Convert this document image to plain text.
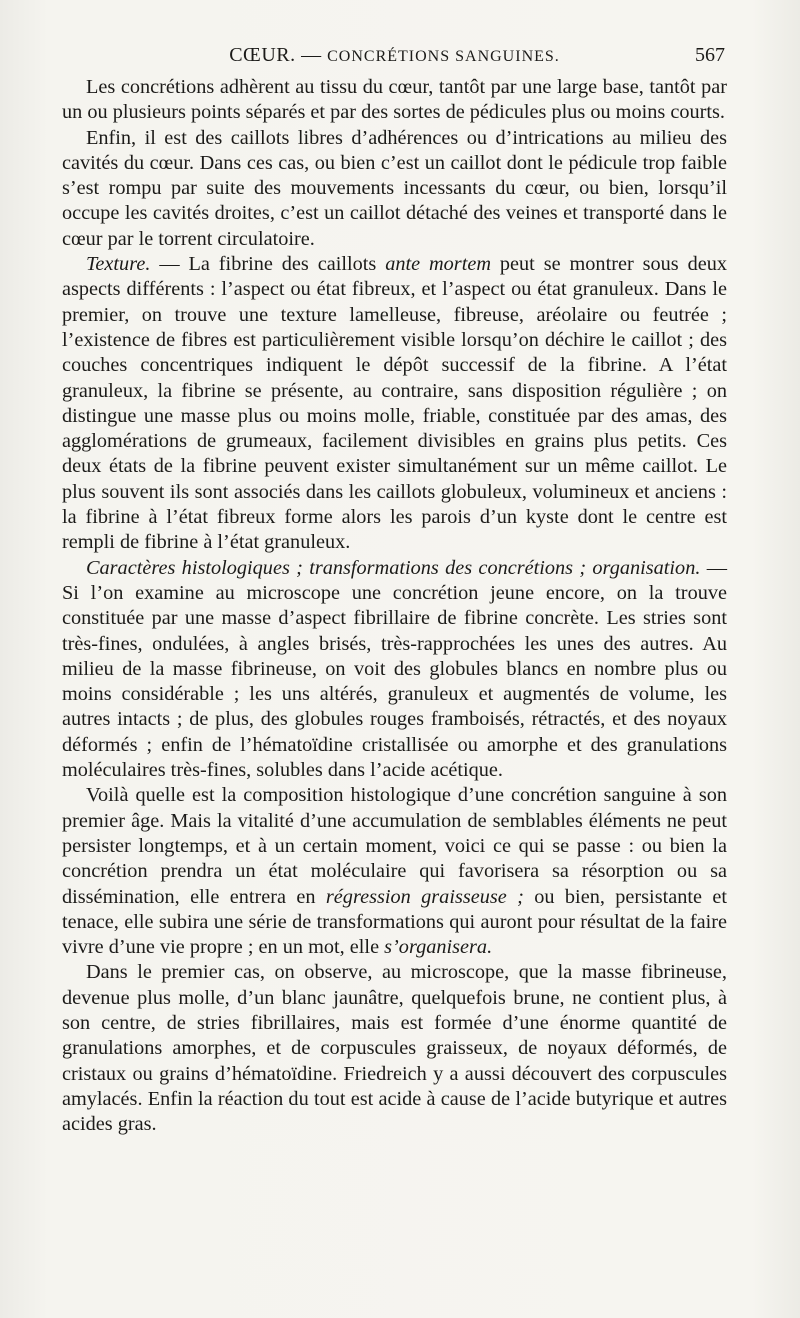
CŒUR. — CONCRÉTIONS SANGUINES.	567

Les concrétions adhèrent au tissu du cœur, tantôt par une large base, tantôt par un ou plusieurs points séparés et par des sortes de pédicules plus ou moins courts.

Enfin, il est des caillots libres d’adhérences ou d’intrications au milieu des cavités du cœur. Dans ces cas, ou bien c’est un caillot dont le pédicule trop faible s’est rompu par suite des mouvements incessants du cœur, ou bien, lorsqu’il occupe les cavités droites, c’est un caillot détaché des veines et transporté dans le cœur par le torrent circulatoire.

Texture. — La fibrine des caillots ante mortem peut se montrer sous deux aspects différents : l’aspect ou état fibreux, et l’aspect ou état granuleux. Dans le premier, on trouve une texture lamelleuse, fibreuse, aréolaire ou feutrée ; l’existence de fibres est particulièrement visible lorsqu’on déchire le caillot ; des couches concentriques indiquent le dépôt successif de la fibrine. A l’état granuleux, la fibrine se présente, au contraire, sans disposition régulière ; on distingue une masse plus ou moins molle, friable, constituée par des amas, des agglomérations de grumeaux, facilement divisibles en grains plus petits. Ces deux états de la fibrine peuvent exister simultanément sur un même caillot. Le plus souvent ils sont associés dans les caillots globuleux, volumineux et anciens : la fibrine à l’état fibreux forme alors les parois d’un kyste dont le centre est rempli de fibrine à l’état granuleux.

Caractères histologiques ; transformations des concrétions ; organisation. — Si l’on examine au microscope une concrétion jeune encore, on la trouve constituée par une masse d’aspect fibrillaire de fibrine concrète. Les stries sont très-fines, ondulées, à angles brisés, très-rapprochées les unes des autres. Au milieu de la masse fibrineuse, on voit des globules blancs en nombre plus ou moins considérable ; les uns altérés, granuleux et augmentés de volume, les autres intacts ; de plus, des globules rouges framboisés, rétractés, et des noyaux déformés ; enfin de l’hématoïdine cristallisée ou amorphe et des granulations moléculaires très-fines, solubles dans l’acide acétique.

Voilà quelle est la composition histologique d’une concrétion sanguine à son premier âge. Mais la vitalité d’une accumulation de semblables éléments ne peut persister longtemps, et à un certain moment, voici ce qui se passe : ou bien la concrétion prendra un état moléculaire qui favorisera sa résorption ou sa dissémination, elle entrera en régression graisseuse ; ou bien, persistante et tenace, elle subira une série de transformations qui auront pour résultat de la faire vivre d’une vie propre ; en un mot, elle s’organisera.

Dans le premier cas, on observe, au microscope, que la masse fibrineuse, devenue plus molle, d’un blanc jaunâtre, quelquefois brune, ne contient plus, à son centre, de stries fibrillaires, mais est formée d’une énorme quantité de granulations amorphes, et de corpuscules graisseux, de noyaux déformés, de cristaux ou grains d’hématoïdine. Friedreich y a aussi découvert des corpuscules amylacés. Enfin la réaction du tout est acide à cause de l’acide butyrique et autres acides gras.
